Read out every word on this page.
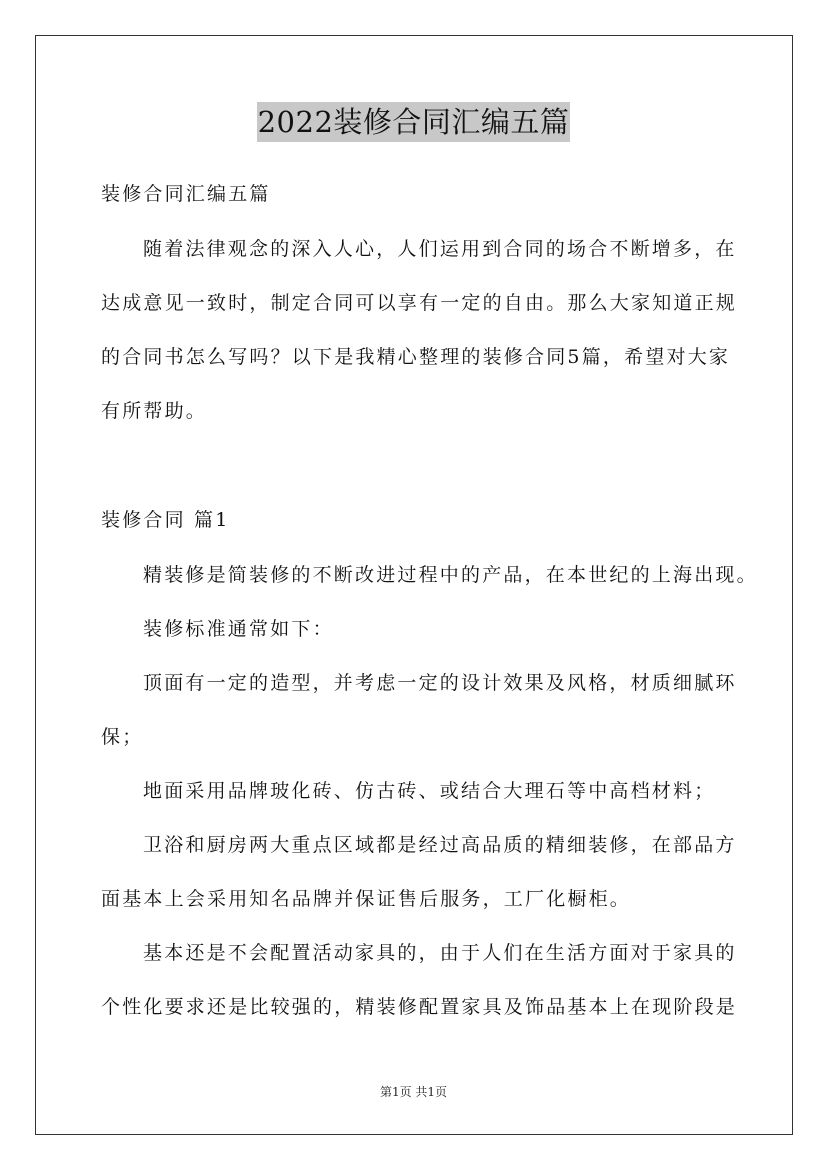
2022装修合同汇编五篇
装修合同汇编五篇
随着法律观念的深入人心，人们运用到合同的场合不断增多，在
达成意见一致时，制定合同可以享有一定的自由。那么大家知道正规
的合同书怎么写吗？以下是我精心整理的装修合同5篇，希望对大家
有所帮助。
装修合同 篇1
精装修是简装修的不断改进过程中的产品，在本世纪的上海出现。
装修标准通常如下：
顶面有一定的造型，并考虑一定的设计效果及风格，材质细腻环
保；
地面采用品牌玻化砖、仿古砖、或结合大理石等中高档材料；
卫浴和厨房两大重点区域都是经过高品质的精细装修，在部品方
面基本上会采用知名品牌并保证售后服务，工厂化橱柜。
基本还是不会配置活动家具的，由于人们在生活方面对于家具的
个性化要求还是比较强的，精装修配置家具及饰品基本上在现阶段是
第1页 共1页
